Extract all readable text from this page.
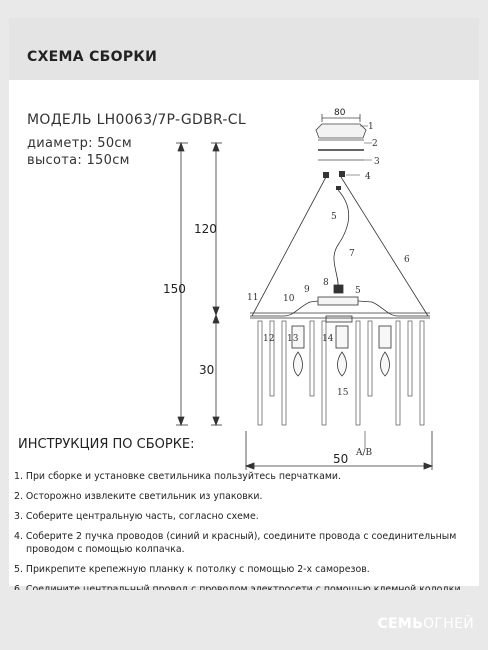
СХЕМА СБОРКИ
МОДЕЛЬ LH0063/7P-GDBR-CL
диаметр: 50см
высота: 150см
150
120
30
80
50 A/B
1
2
3
4
5
6
7
8
5
9
10
11
12 13	14
15
ИНСТРУКЦИЯ ПО СБОРКЕ:
1. При сборке и установке светильника пользуйтесь перчатками.
2. Осторожно извлеките светильник из упаковки.
3. Соберите центральную часть, согласно схеме.
4. Соберите 2 пучка проводов (синий и красный), соедините провода с соединительным
проводом с помощью колпачка.
5. Прикрепите крепежную планку к потолку с помощью 2-х саморезов.
СЕМЬОГНЕЙ
